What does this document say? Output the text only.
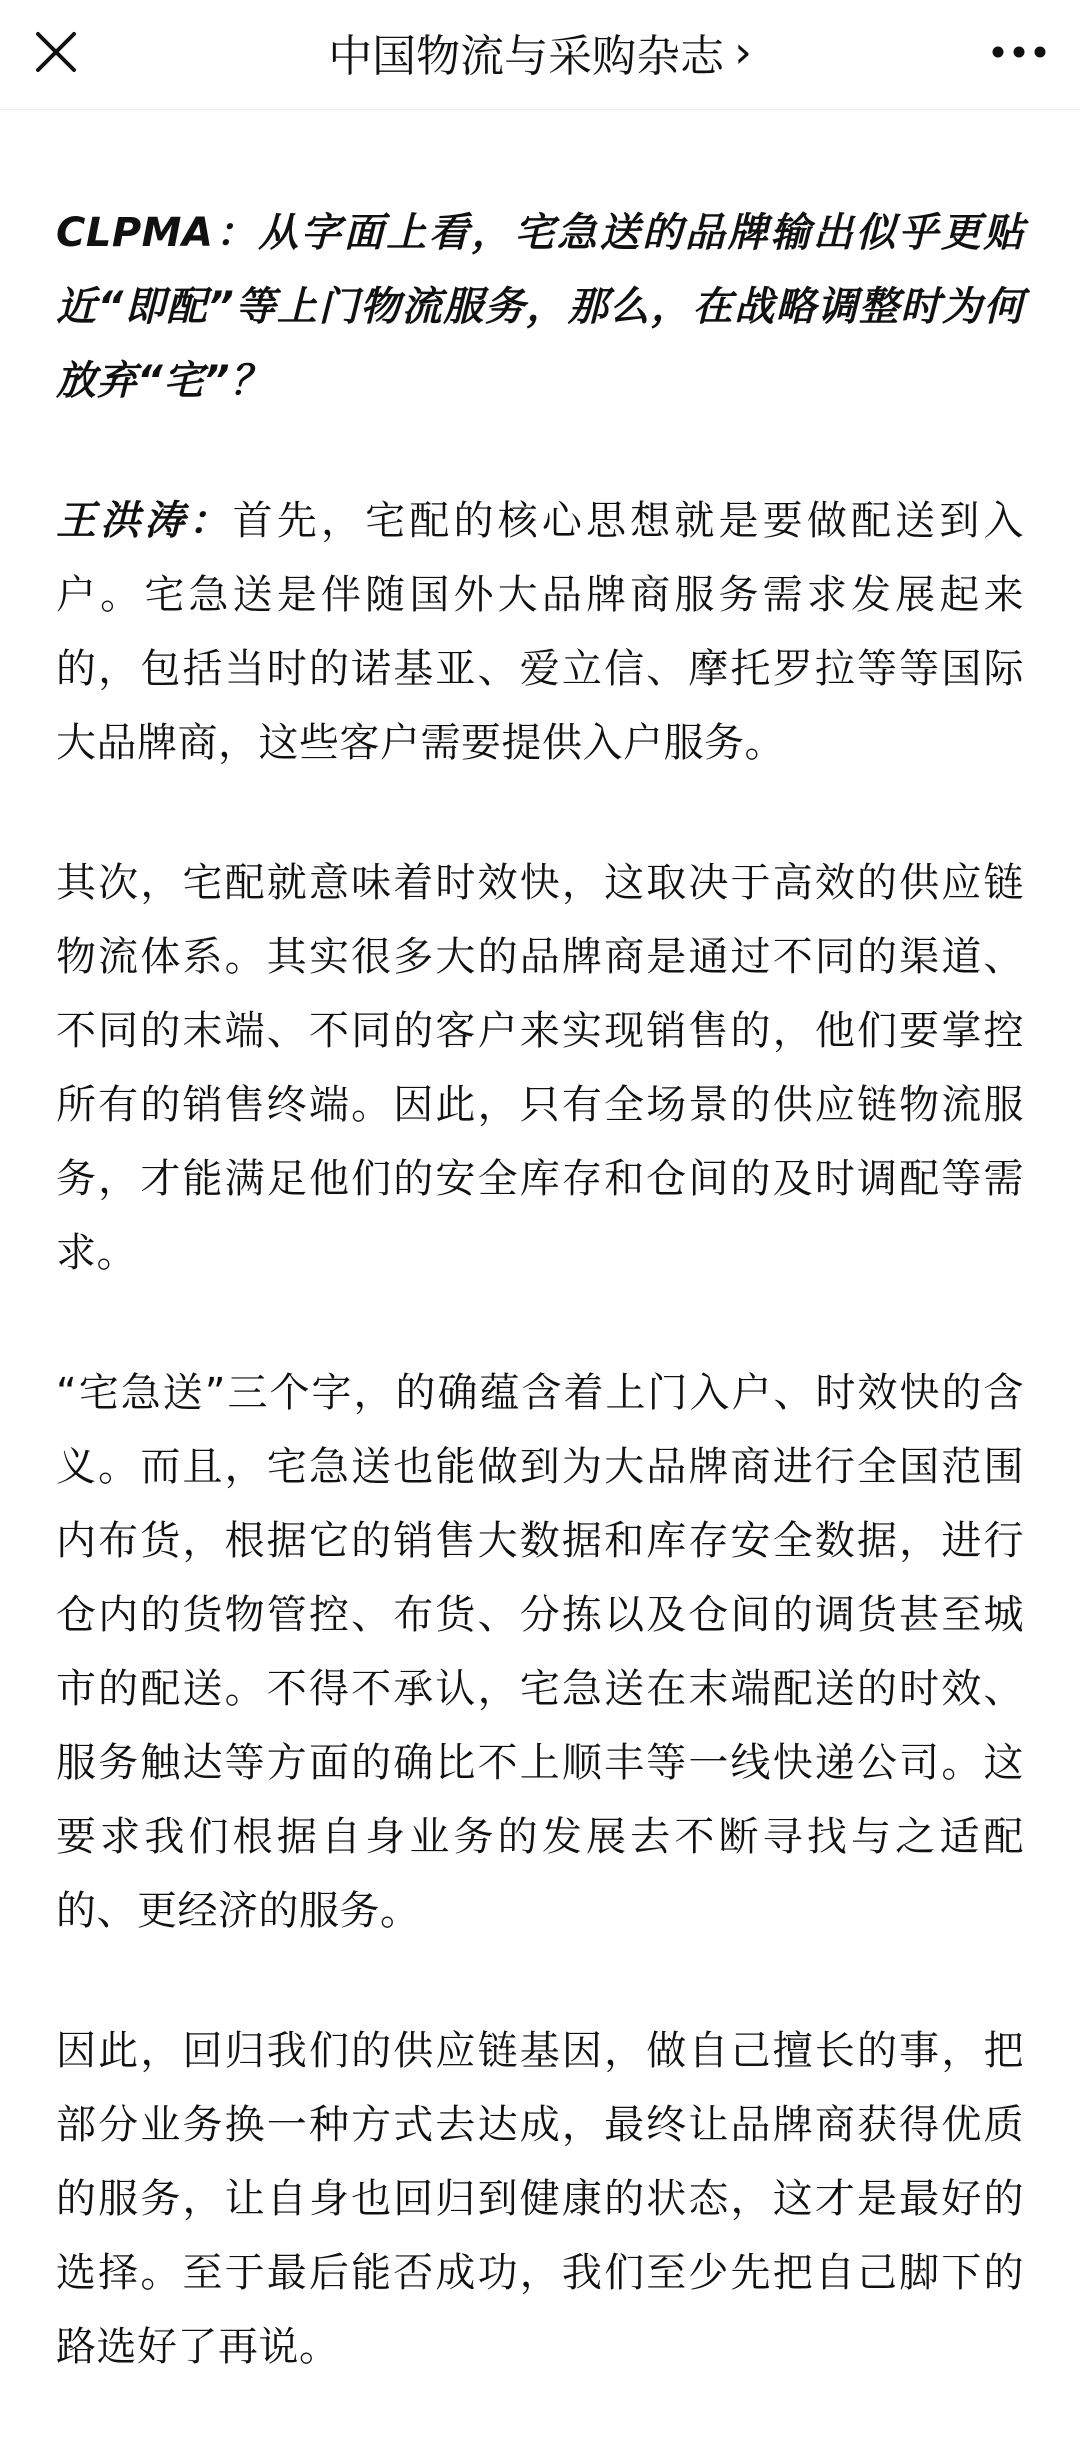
中国物流与采购杂志 ›

CLPMA：从字面上看，宅急送的品牌输出似乎更贴近“即配”等上门物流服务，那么，在战略调整时为何放弃“宅”？

王洪涛：首先，宅配的核心思想就是要做配送到入户。宅急送是伴随国外大品牌商服务需求发展起来的，包括当时的诺基亚、爱立信、摩托罗拉等等国际大品牌商，这些客户需要提供入户服务。

其次，宅配就意味着时效快，这取决于高效的供应链物流体系。其实很多大的品牌商是通过不同的渠道、不同的末端、不同的客户来实现销售的，他们要掌控所有的销售终端。因此，只有全场景的供应链物流服务，才能满足他们的安全库存和仓间的及时调配等需求。

“宅急送”三个字，的确蕴含着上门入户、时效快的含义。而且，宅急送也能做到为大品牌商进行全国范围内布货，根据它的销售大数据和库存安全数据，进行仓内的货物管控、布货、分拣以及仓间的调货甚至城市的配送。不得不承认，宅急送在末端配送的时效、服务触达等方面的确比不上顺丰等一线快递公司。这要求我们根据自身业务的发展去不断寻找与之适配的、更经济的服务。

因此，回归我们的供应链基因，做自己擅长的事，把部分业务换一种方式去达成，最终让品牌商获得优质的服务，让自身也回归到健康的状态，这才是最好的选择。至于最后能否成功，我们至少先把自己脚下的路选好了再说。
